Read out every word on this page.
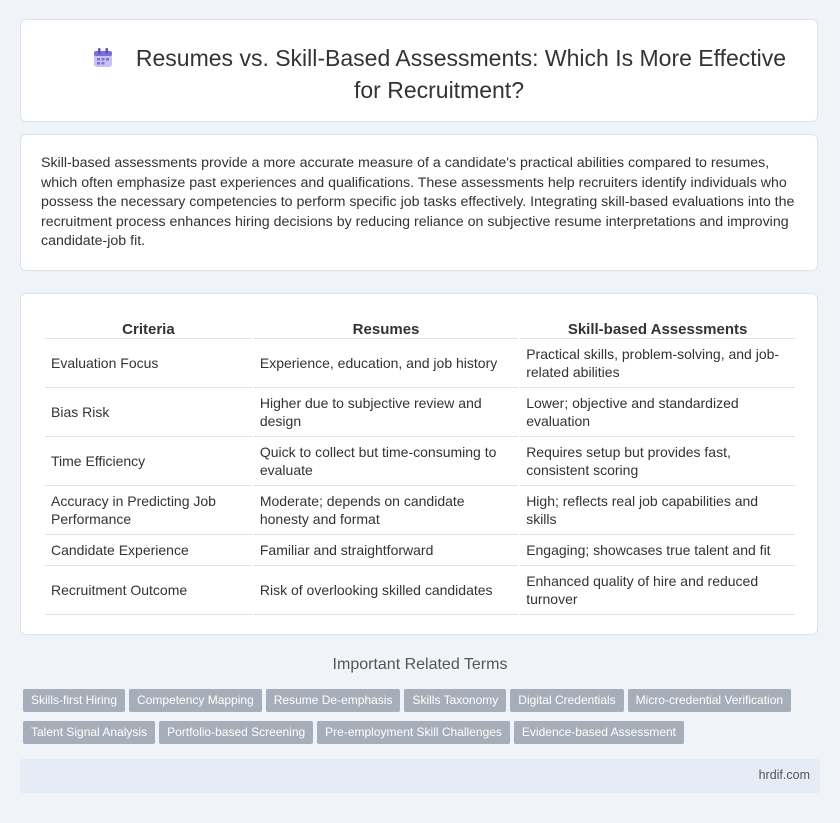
Resumes vs. Skill-Based Assessments: Which Is More Effective for Recruitment?

Skill-based assessments provide a more accurate measure of a candidate's practical abilities compared to resumes, which often emphasize past experiences and qualifications. These assessments help recruiters identify individuals who possess the necessary competencies to perform specific job tasks effectively. Integrating skill-based evaluations into the recruitment process enhances hiring decisions by reducing reliance on subjective resume interpretations and improving candidate-job fit.

Criteria	Resumes	Skill-based Assessments
Evaluation Focus	Experience, education, and job history	Practical skills, problem-solving, and job-related abilities
Bias Risk	Higher due to subjective review and design	Lower; objective and standardized evaluation
Time Efficiency	Quick to collect but time-consuming to evaluate	Requires setup but provides fast, consistent scoring
Accuracy in Predicting Job Performance	Moderate; depends on candidate honesty and format	High; reflects real job capabilities and skills
Candidate Experience	Familiar and straightforward	Engaging; showcases true talent and fit
Recruitment Outcome	Risk of overlooking skilled candidates	Enhanced quality of hire and reduced turnover
Important Related Terms
Skills-first Hiring Competency Mapping Resume De-emphasis Skills Taxonomy Digital Credentials Micro-credential VerificationTalent Signal Analysis Portfolio-based Screening Pre-employment Skill Challenges Evidence-based Assessment
hrdif.com
